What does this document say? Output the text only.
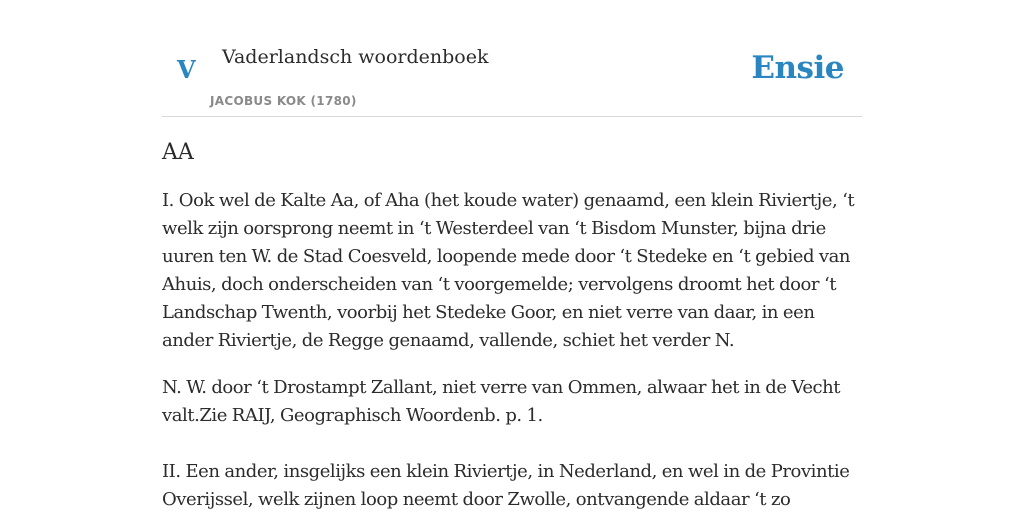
V Vaderlandsch woordenboek
JACOBUS KOK (1780)
Ensie
AA

I. Ook wel de Kalte Aa, of Aha (het koude water) genaamd, een klein Riviertje, ‘t welk zijn oorsprong neemt in ‘t Westerdeel van ‘t Bisdom Munster, bijna drie uuren ten W. de Stad Coesveld, loopende mede door ‘t Stedeke en ‘t gebied van Ahuis, doch onderscheiden van ‘t voorgemelde; vervolgens droomt het door ‘t Landschap Twenth, voorbij het Stedeke Goor, en niet verre van daar, in een ander Riviertje, de Regge genaamd, vallende, schiet het verder N.

N. W. door ‘t Drostampt Zallant, niet verre van Ommen, alwaar het in de Vecht valt.Zie RAIJ, Geographisch Woordenb. p. 1.

II. Een ander, insgelijks een klein Riviertje, in Nederland, en wel in de Provintie Overijssel, welk zijnen loop neemt door Zwolle, ontvangende aldaar ‘t zo
